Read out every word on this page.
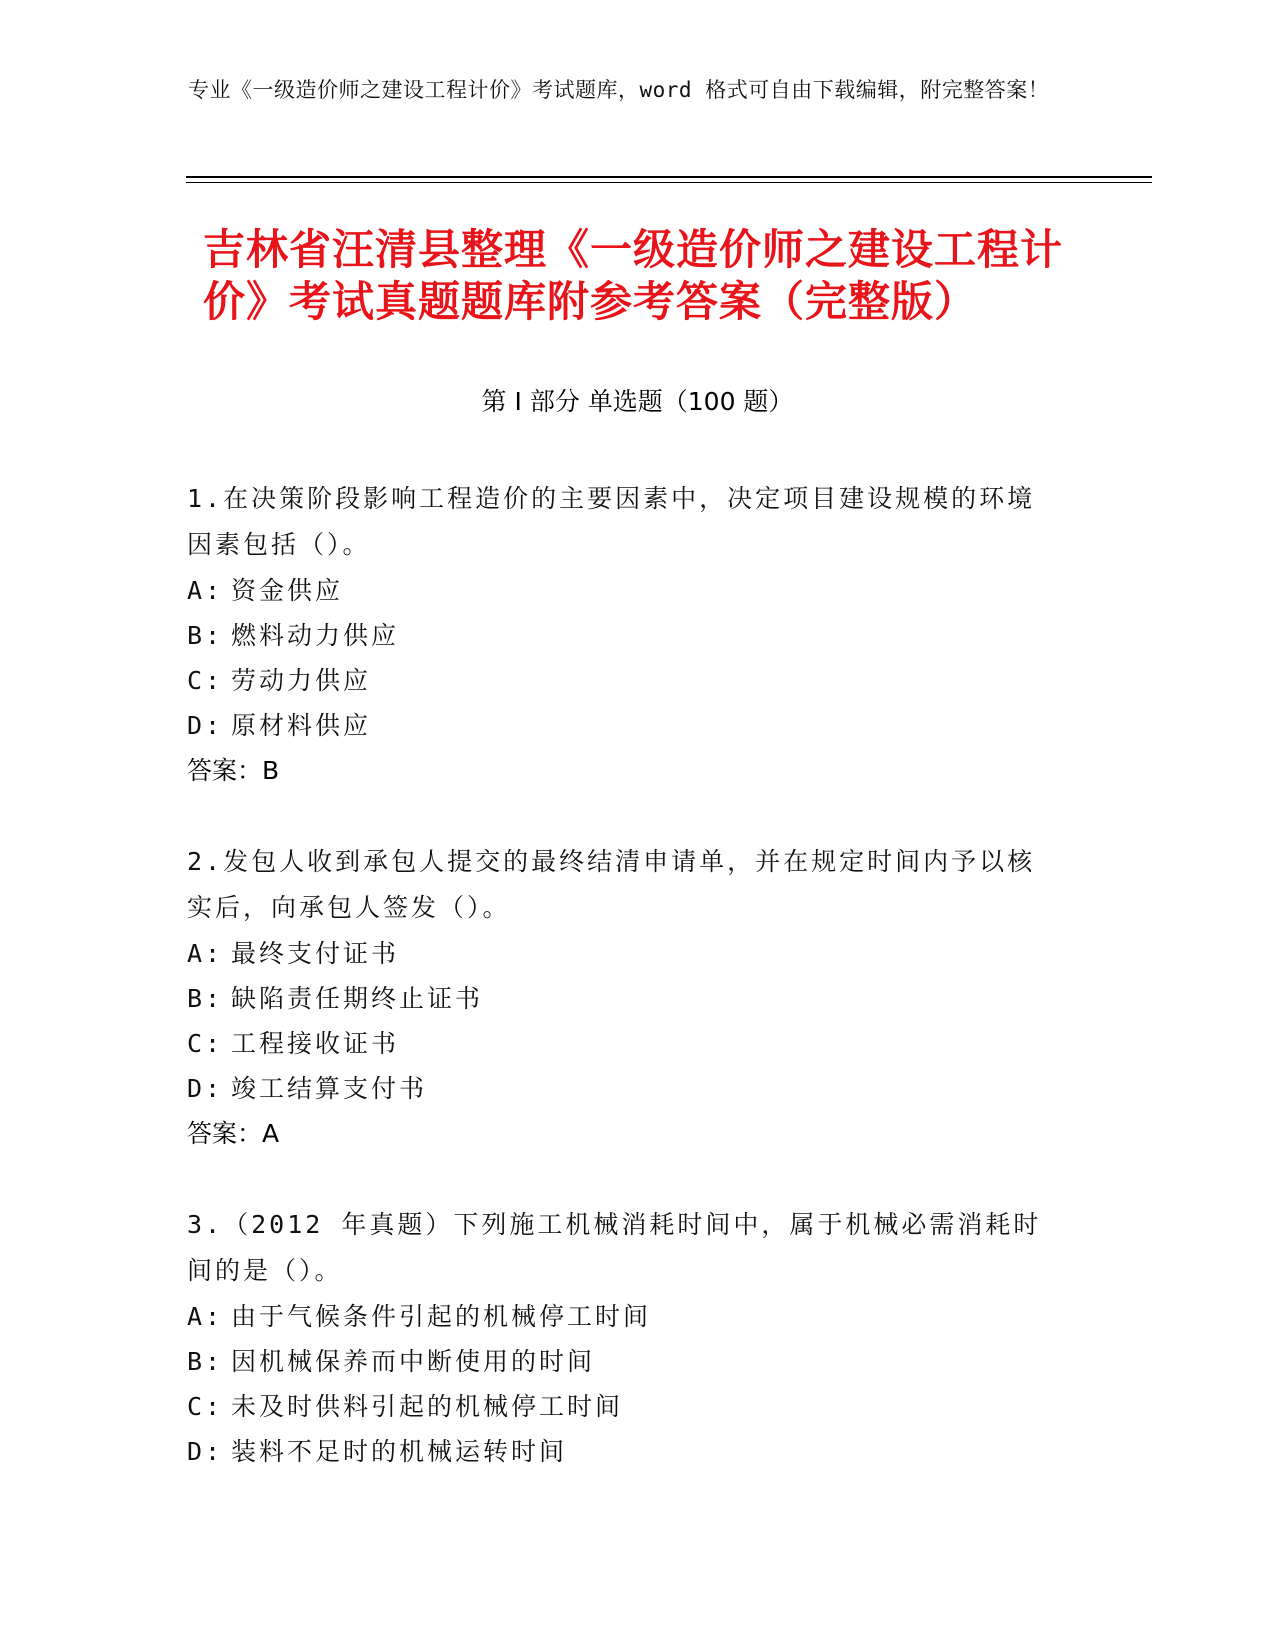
专业《一级造价师之建设工程计价》考试题库，word 格式可自由下载编辑，附完整答案！
吉林省汪清县整理《一级造价师之建设工程计价》考试真题题库附参考答案（完整版）
第 I 部分 单选题（100 题）

1.在决策阶段影响工程造价的主要因素中，决定项目建设规模的环境因素包括（）。

A: 资金供应

B: 燃料动力供应

C: 劳动力供应

D: 原材料供应

答案：B

2.发包人收到承包人提交的最终结清申请单，并在规定时间内予以核实后，向承包人签发（）。

A: 最终支付证书

B: 缺陷责任期终止证书

C: 工程接收证书

D: 竣工结算支付书

答案：A

3.（2012 年真题）下列施工机械消耗时间中，属于机械必需消耗时间的是（）。

A: 由于气候条件引起的机械停工时间

B: 因机械保养而中断使用的时间

C: 未及时供料引起的机械停工时间

D: 装料不足时的机械运转时间
